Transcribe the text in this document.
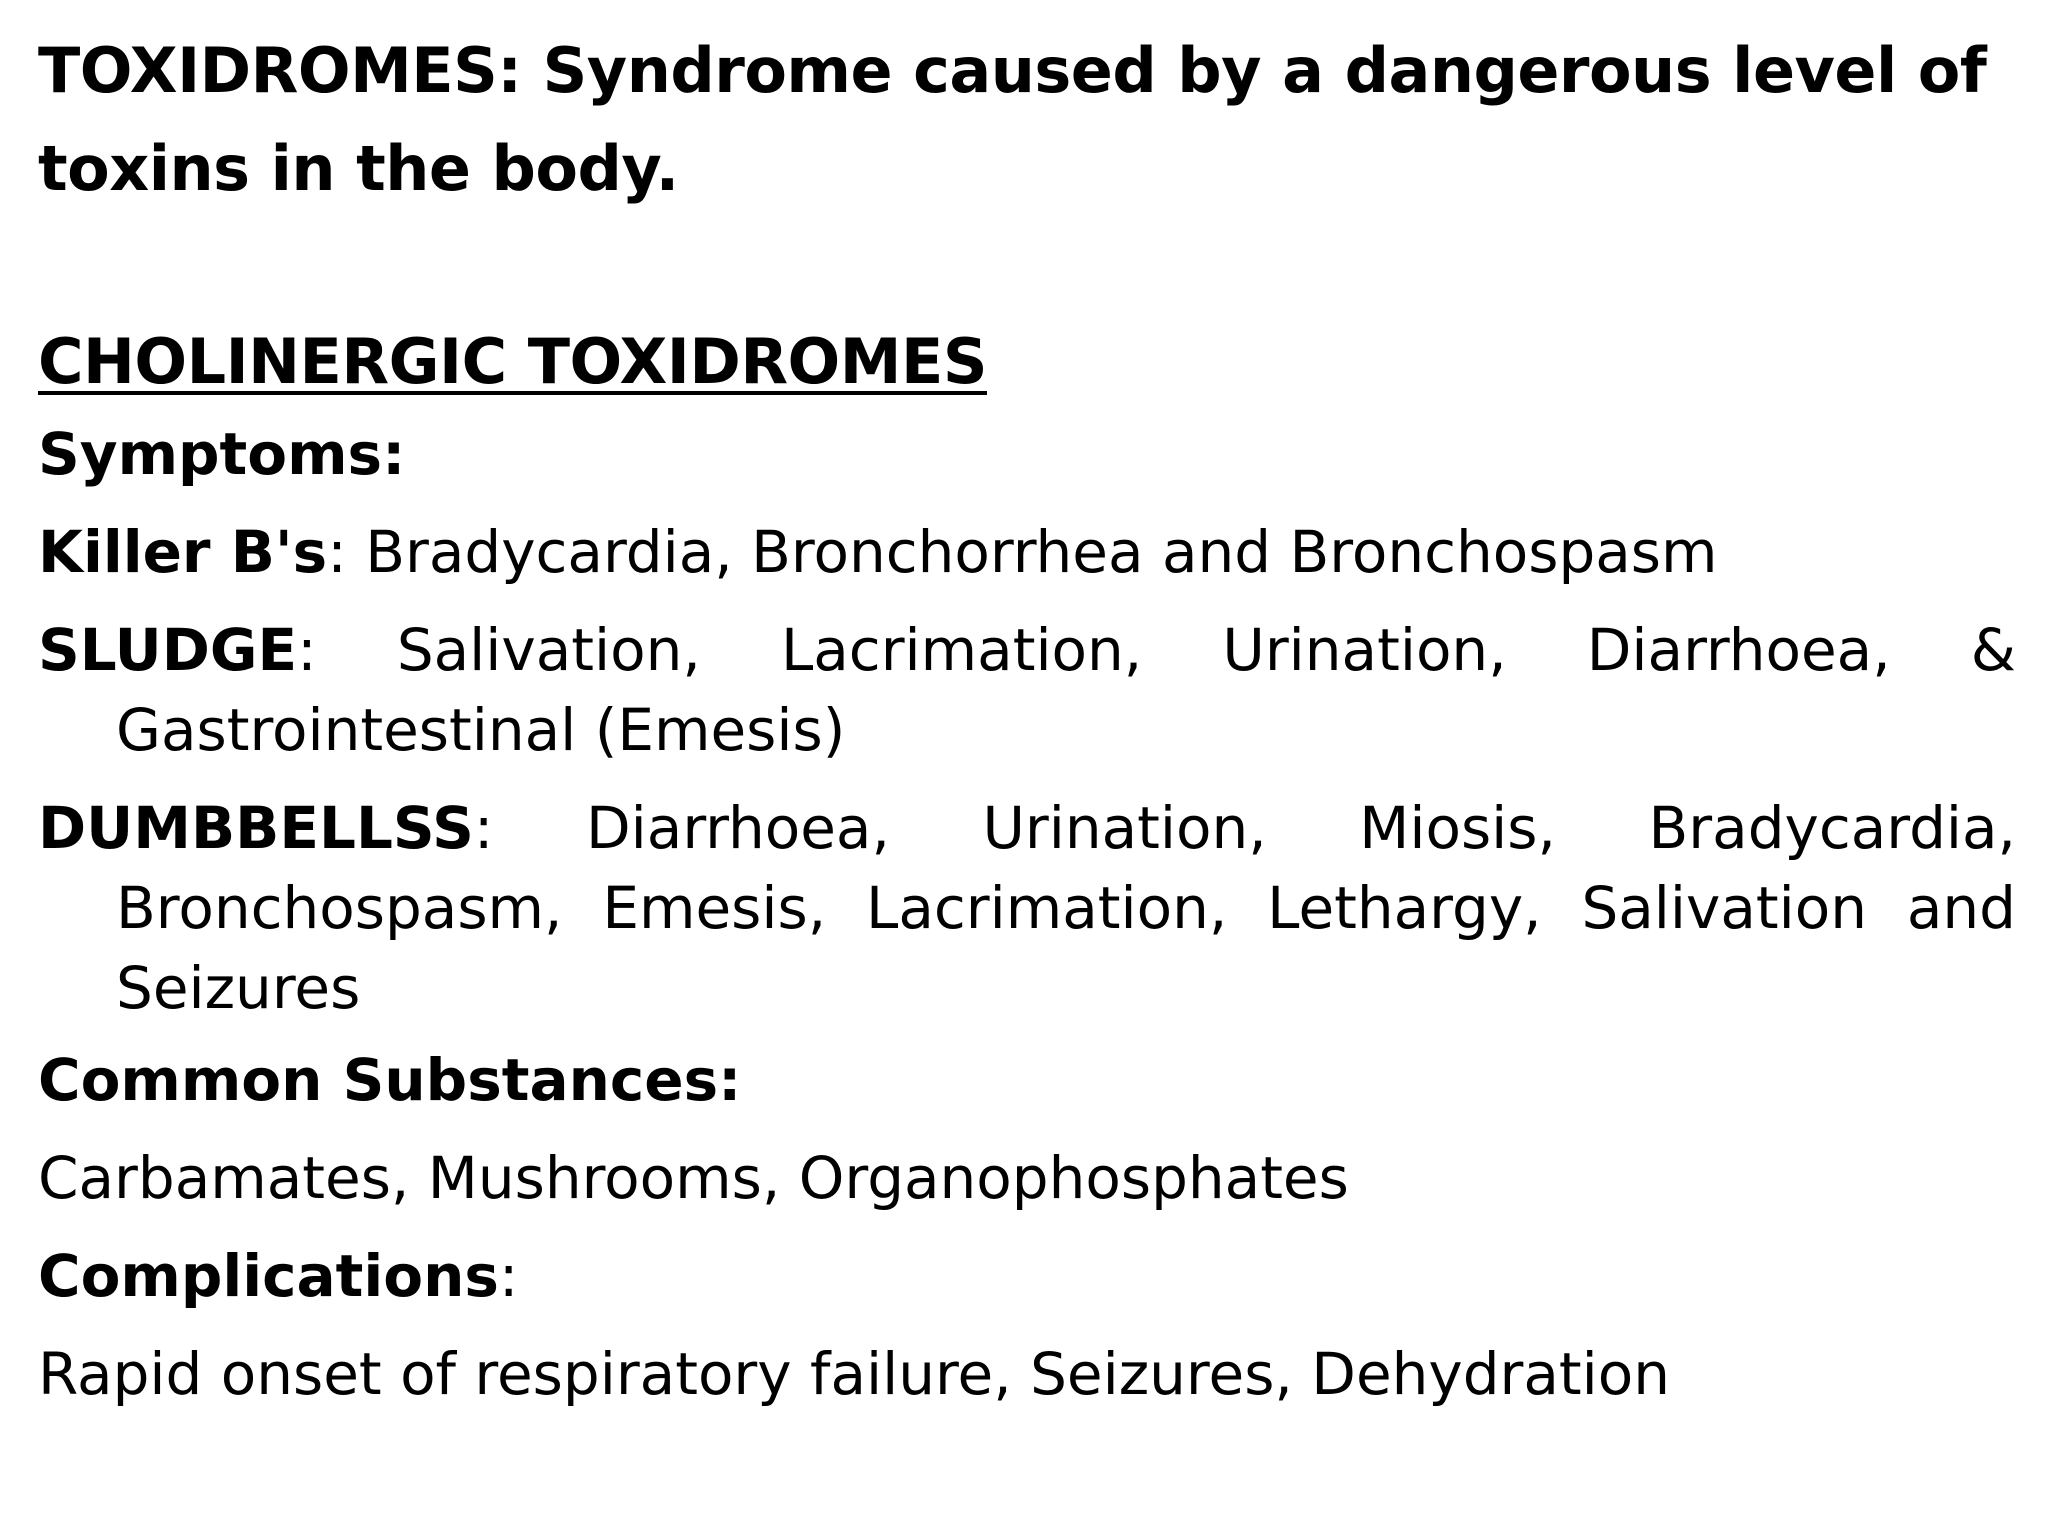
TOXIDROMES: Syndrome caused by a dangerous level of toxins in the body.

CHOLINERGIC TOXIDROMES

Symptoms:

Killer B's: Bradycardia, Bronchorrhea and Bronchospasm

SLUDGE: Salivation, Lacrimation, Urination, Diarrhoea, & Gastrointestinal (Emesis)

DUMBBELLSS: Diarrhoea, Urination, Miosis, Bradycardia, Bronchospasm, Emesis, Lacrimation, Lethargy, Salivation and Seizures

Common Substances:

Carbamates, Mushrooms, Organophosphates

Complications:

Rapid onset of respiratory failure, Seizures, Dehydration
